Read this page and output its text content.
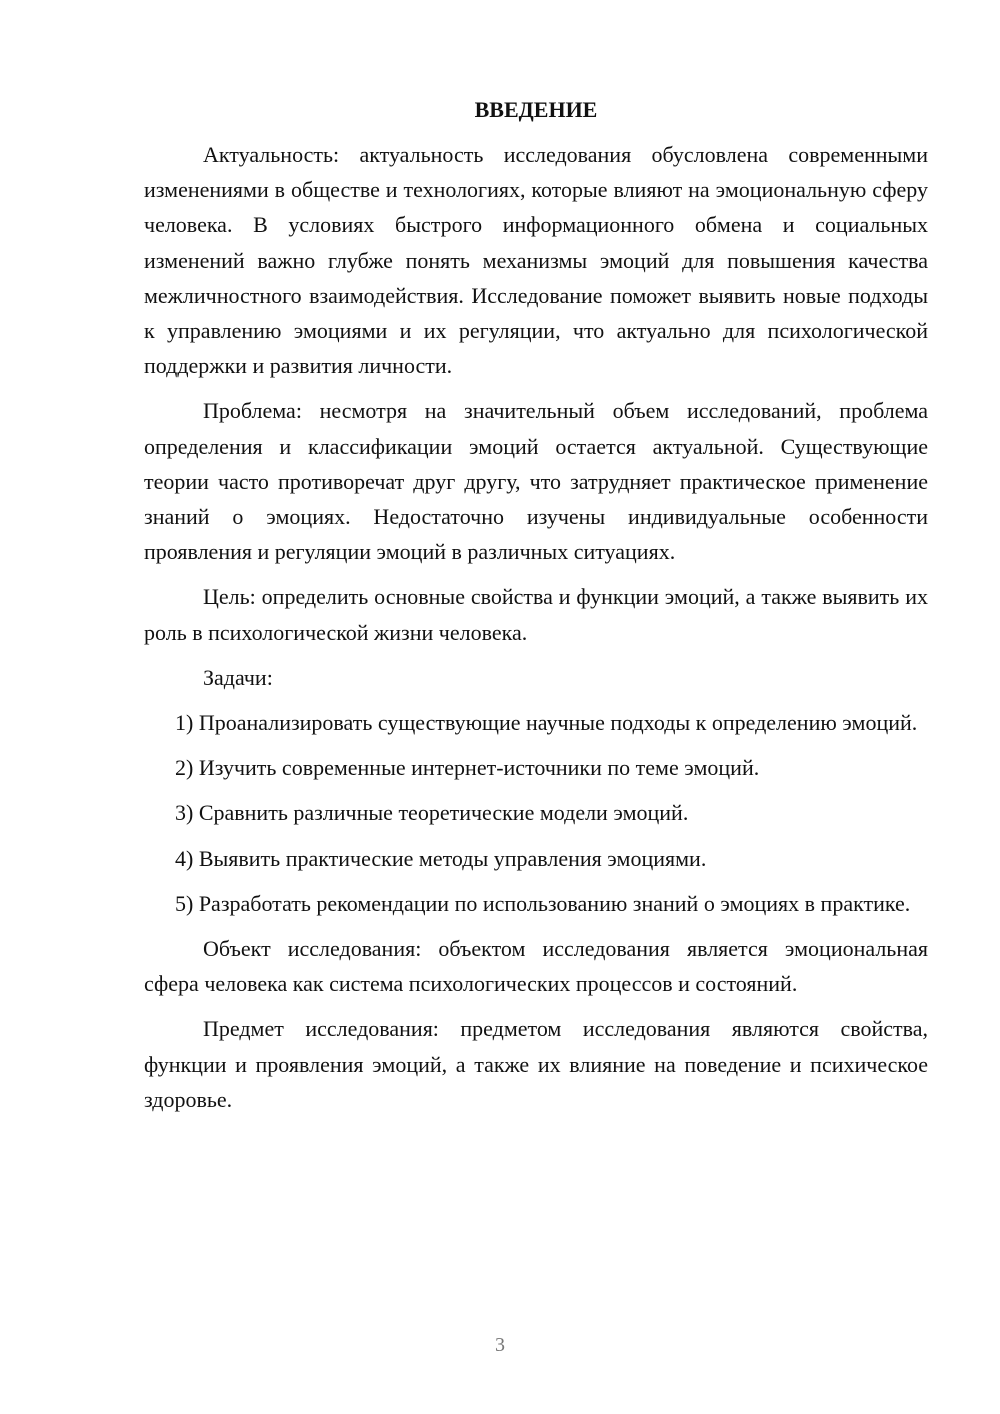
ВВЕДЕНИЕ

Актуальность: актуальность исследования обусловлена современными изменениями в обществе и технологиях, которые влияют на эмоциональную сферу человека. В условиях быстрого информационного обмена и социальных изменений важно глубже понять механизмы эмоций для повышения качества межличностного взаимодействия. Исследование поможет выявить новые подходы к управлению эмоциями и их регуляции, что актуально для психологической поддержки и развития личности.

Проблема: несмотря на значительный объем исследований, проблема определения и классификации эмоций остается актуальной. Существующие теории часто противоречат друг другу, что затрудняет практическое применение знаний о эмоциях. Недостаточно изучены индивидуальные особенности проявления и регуляции эмоций в различных ситуациях.

Цель: определить основные свойства и функции эмоций, а также выявить их роль в психологической жизни человека.

Задачи:

1) Проанализировать существующие научные подходы к определению эмоций.

2) Изучить современные интернет-источники по теме эмоций.

3) Сравнить различные теоретические модели эмоций.

4) Выявить практические методы управления эмоциями.

5) Разработать рекомендации по использованию знаний о эмоциях в практике.

Объект исследования: объектом исследования является эмоциональная сфера человека как система психологических процессов и состояний.

Предмет исследования: предметом исследования являются свойства, функции и проявления эмоций, а также их влияние на поведение и психическое здоровье.

3
